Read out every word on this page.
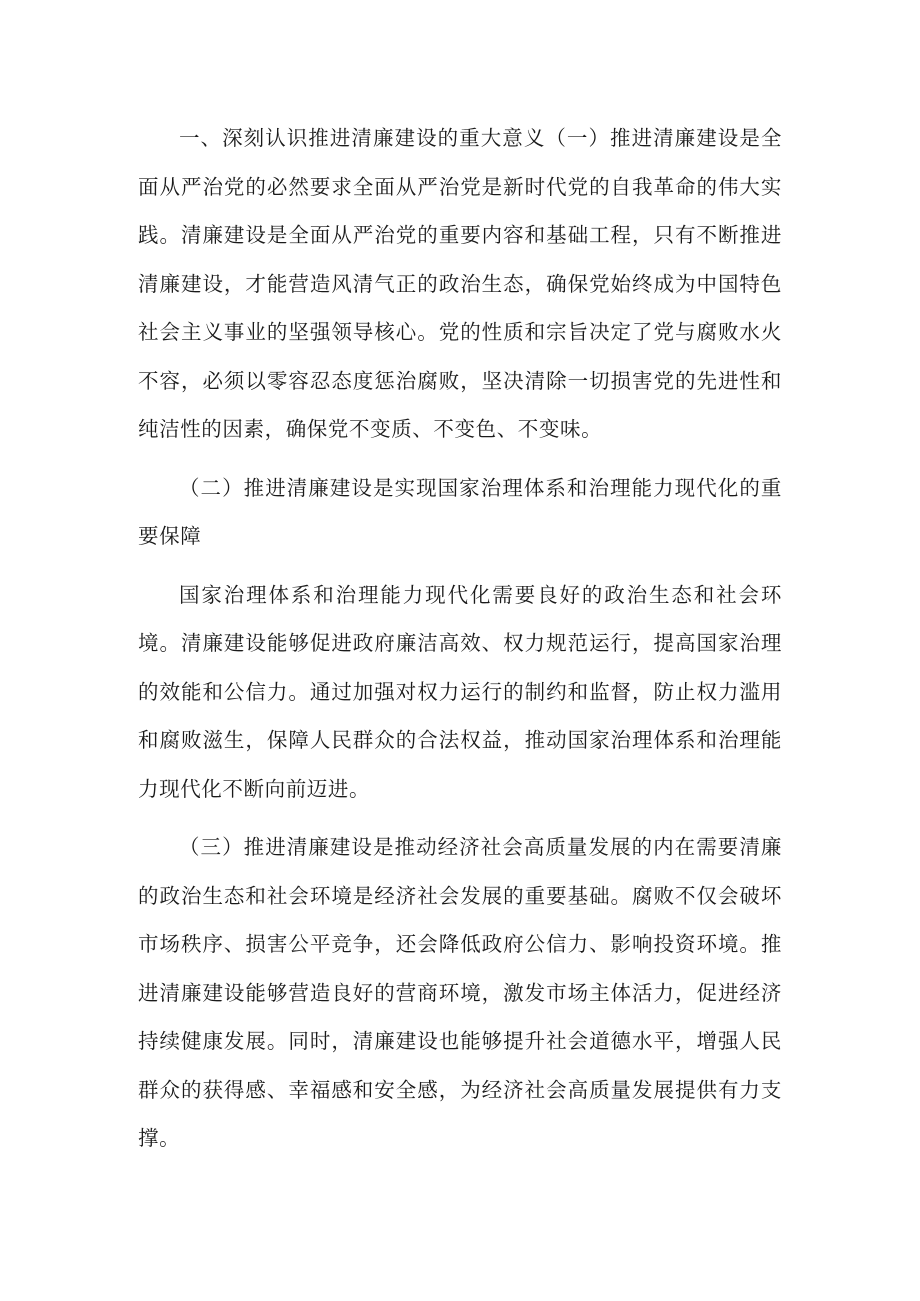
一、深刻认识推进清廉建设的重大意义（一）推进清廉建设是全面从严治党的必然要求全面从严治党是新时代党的自我革命的伟大实践。清廉建设是全面从严治党的重要内容和基础工程，只有不断推进清廉建设，才能营造风清气正的政治生态，确保党始终成为中国特色社会主义事业的坚强领导核心。党的性质和宗旨决定了党与腐败水火不容，必须以零容忍态度惩治腐败，坚决清除一切损害党的先进性和纯洁性的因素，确保党不变质、不变色、不变味。

（二）推进清廉建设是实现国家治理体系和治理能力现代化的重要保障

国家治理体系和治理能力现代化需要良好的政治生态和社会环境。清廉建设能够促进政府廉洁高效、权力规范运行，提高国家治理的效能和公信力。通过加强对权力运行的制约和监督，防止权力滥用和腐败滋生，保障人民群众的合法权益，推动国家治理体系和治理能力现代化不断向前迈进。

（三）推进清廉建设是推动经济社会高质量发展的内在需要清廉的政治生态和社会环境是经济社会发展的重要基础。腐败不仅会破坏市场秩序、损害公平竞争，还会降低政府公信力、影响投资环境。推进清廉建设能够营造良好的营商环境，激发市场主体活力，促进经济持续健康发展。同时，清廉建设也能够提升社会道德水平，增强人民群众的获得感、幸福感和安全感，为经济社会高质量发展提供有力支撑。
